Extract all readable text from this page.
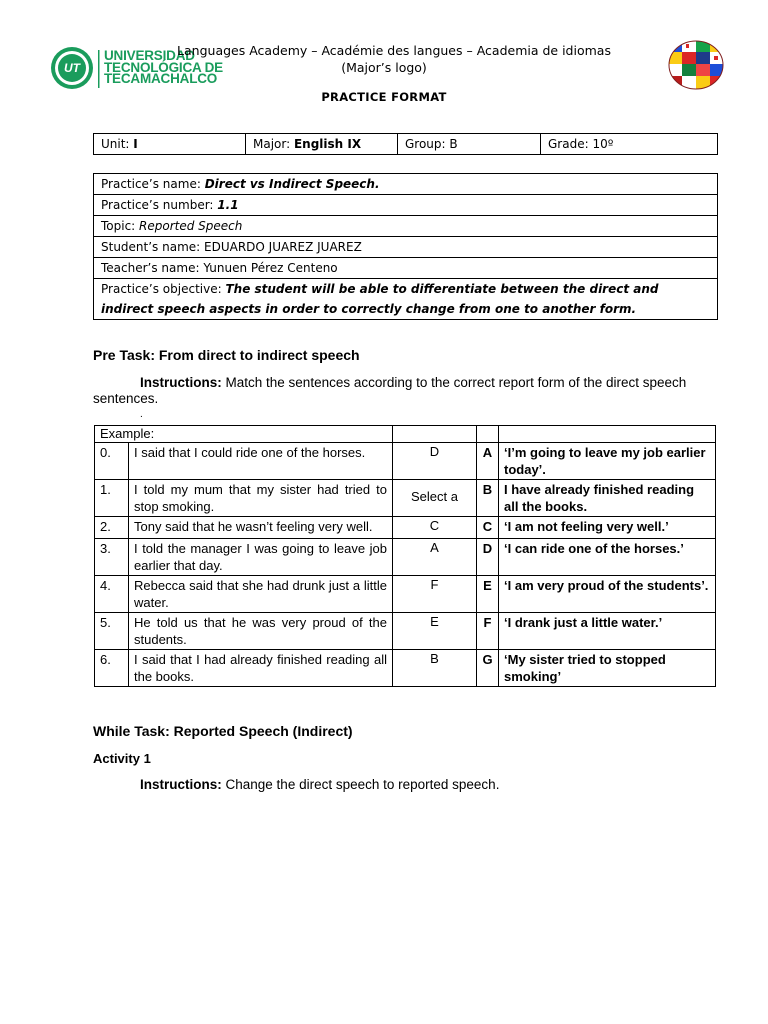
UT
UNIVERSIDAD
TECNOLÓGICA DE
TECAMACHALCO
Languages Academy – Académie des langues – Academia de idiomas
(Major’s logo)
PRACTICE FORMAT
Unit: I	Major: English IX	Group: B	Grade: 10º
Practice’s name: Direct vs Indirect Speech.
Practice’s number: 1.1
Topic: Reported Speech
Student’s name: EDUARDO JUAREZ JUAREZ
Teacher’s name: Yunuen Pérez Centeno
Practice’s objective: The student will be able to differentiate between the direct and indirect speech aspects in order to correctly change from one to another form.
Pre Task: From direct to indirect speech
Instructions: Match the sentences according to the correct report form of the direct speech sentences.
.
Example:				
0.	I said that I could ride one of the horses.	D	A	‘I’m going to leave my job earlier today’.
1.	I told my mum that my sister had tried to stop smoking.	Select a	B	I have already finished reading all the books.
2.	Tony said that he wasn’t feeling very well.	C	C	‘I am not feeling very well.’
3.	I told the manager I was going to leave job earlier that day.	A	D	‘I can ride one of the horses.’
4.	Rebecca said that she had drunk just a little water.	F	E	‘I am very proud of the students’.
5.	He told us that he was very proud of the students.	E	F	‘I drank just a little water.’
6.	I said that I had already finished reading all the books.	B	G	‘My sister tried to stopped smoking’
While Task: Reported Speech (Indirect)
Activity 1
Instructions: Change the direct speech to reported speech.
